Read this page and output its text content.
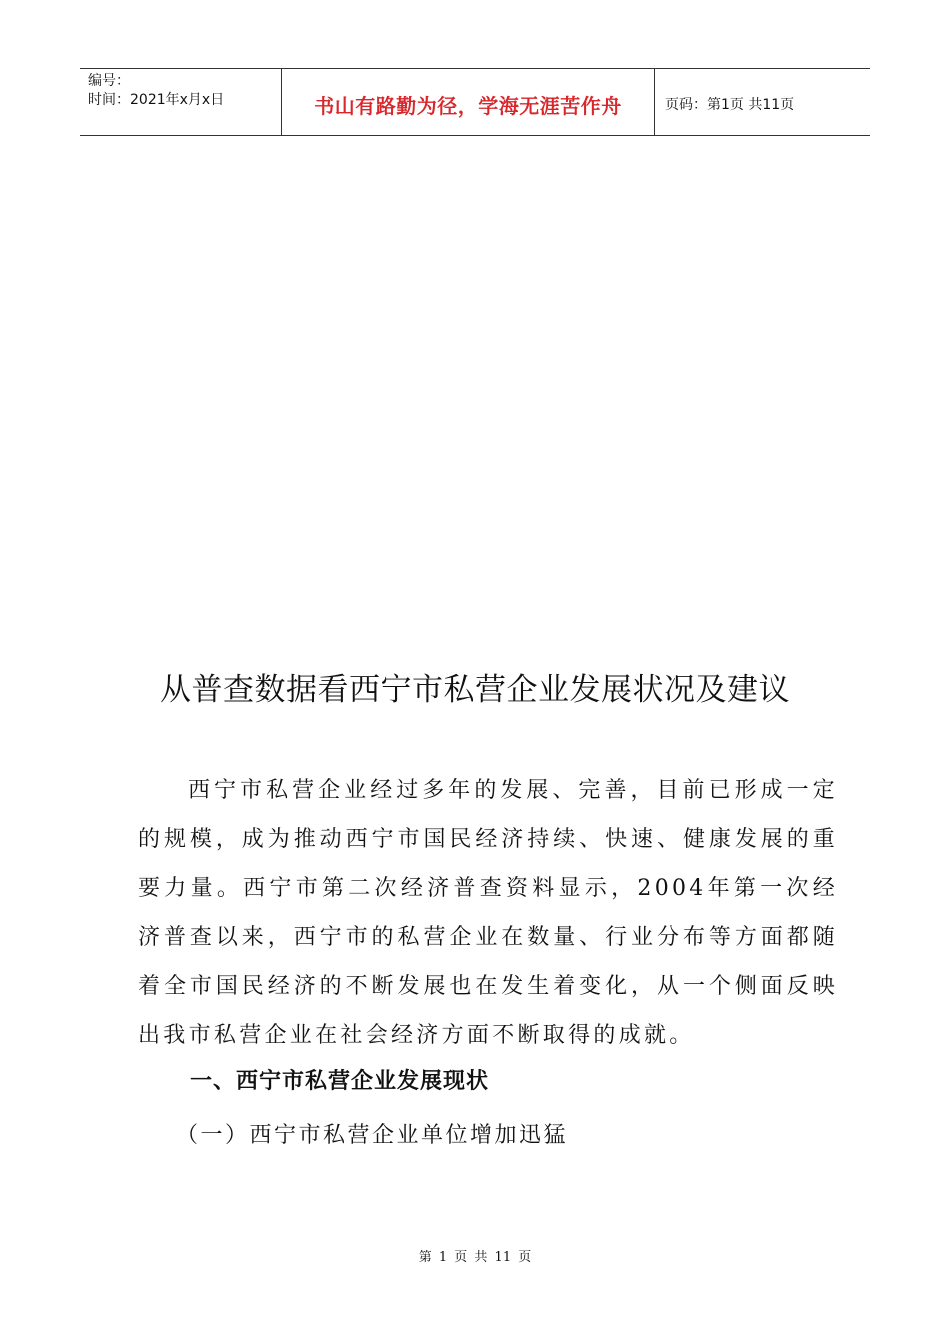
编号：
时间：2021年x月x日	书山有路勤为径，学海无涯苦作舟	页码：第1页 共11页
从普查数据看西宁市私营企业发展状况及建议

西宁市私营企业经过多年的发展、完善，目前已形成一定的规模，成为推动西宁市国民经济持续、快速、健康发展的重要力量。西宁市第二次经济普查资料显示，2004年第一次经济普查以来，西宁市的私营企业在数量、行业分布等方面都随着全市国民经济的不断发展也在发生着变化，从一个侧面反映出我市私营企业在社会经济方面不断取得的成就。

一、西宁市私营企业发展现状
（一）西宁市私营企业单位增加迅猛
第 1 页 共 11 页
